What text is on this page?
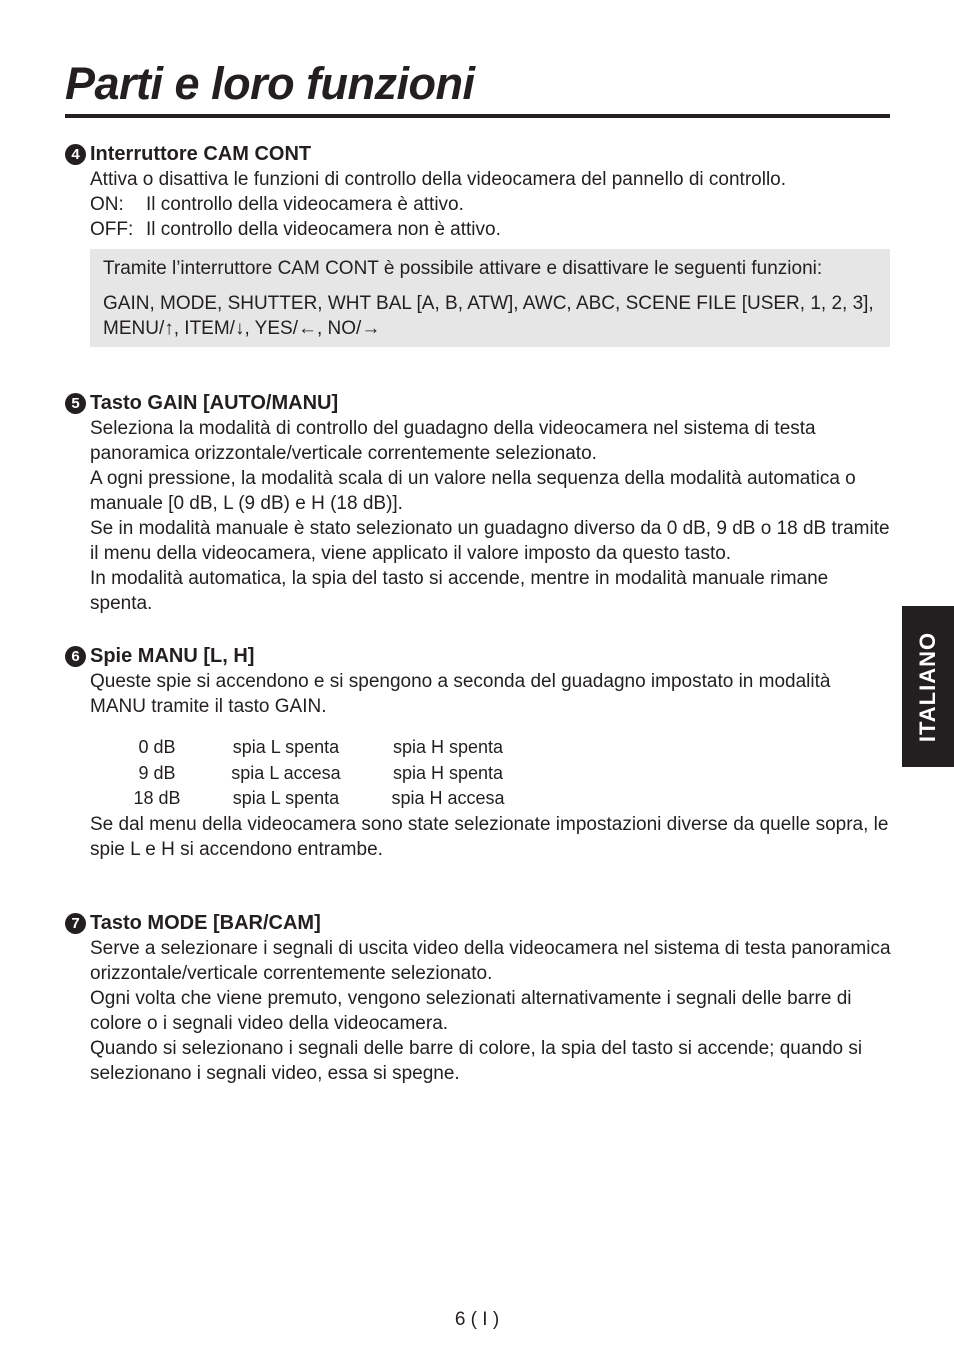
Parti e loro funzioni
4 Interruttore CAM CONT

Attiva o disattiva le funzioni di controllo della videocamera del pannello di controllo.

ON:	Il controllo della videocamera è attivo.
OFF: Il controllo della videocamera non è attivo.

Tramite l’interruttore CAM CONT è possibile attivare e disattivare le seguenti funzioni:

GAIN, MODE, SHUTTER, WHT BAL [A, B, ATW], AWC, ABC, SCENE FILE [USER, 1, 2, 3], MENU/↑, ITEM/↓, YES/←, NO/→

5 Tasto GAIN [AUTO/MANU]

Seleziona la modalità di controllo del guadagno della videocamera nel sistema di testa panoramica orizzontale/verticale correntemente selezionato.

A ogni pressione, la modalità scala di un valore nella sequenza della modalità automatica o manuale [0 dB, L (9 dB) e H (18 dB)].

Se in modalità manuale è stato selezionato un guadagno diverso da 0 dB, 9 dB o 18 dB tramite il menu della videocamera, viene applicato il valore imposto da questo tasto.

In modalità automatica, la spia del tasto si accende, mentre in modalità manuale rimane spenta.

6 Spie MANU [L, H]

Queste spie si accendono e si spengono a seconda del guadagno impostato in modalità MANU tramite il tasto GAIN.

0 dB	spia L spenta	spia H spenta
9 dB	spia L accesa	spia H spenta
18 dB	spia L spenta	spia H accesa

Se dal menu della videocamera sono state selezionate impostazioni diverse da quelle sopra, le spie L e H si accendono entrambe.

7 Tasto MODE [BAR/CAM]

Serve a selezionare i segnali di uscita video della videocamera nel sistema di testa panoramica orizzontale/verticale correntemente selezionato.

Ogni volta che viene premuto, vengono selezionati alternativamente i segnali delle barre di colore o i segnali video della videocamera.

Quando si selezionano i segnali delle barre di colore, la spia del tasto si accende; quando si selezionano i segnali video, essa si spegne.

ITALIANO
6 ( I )
